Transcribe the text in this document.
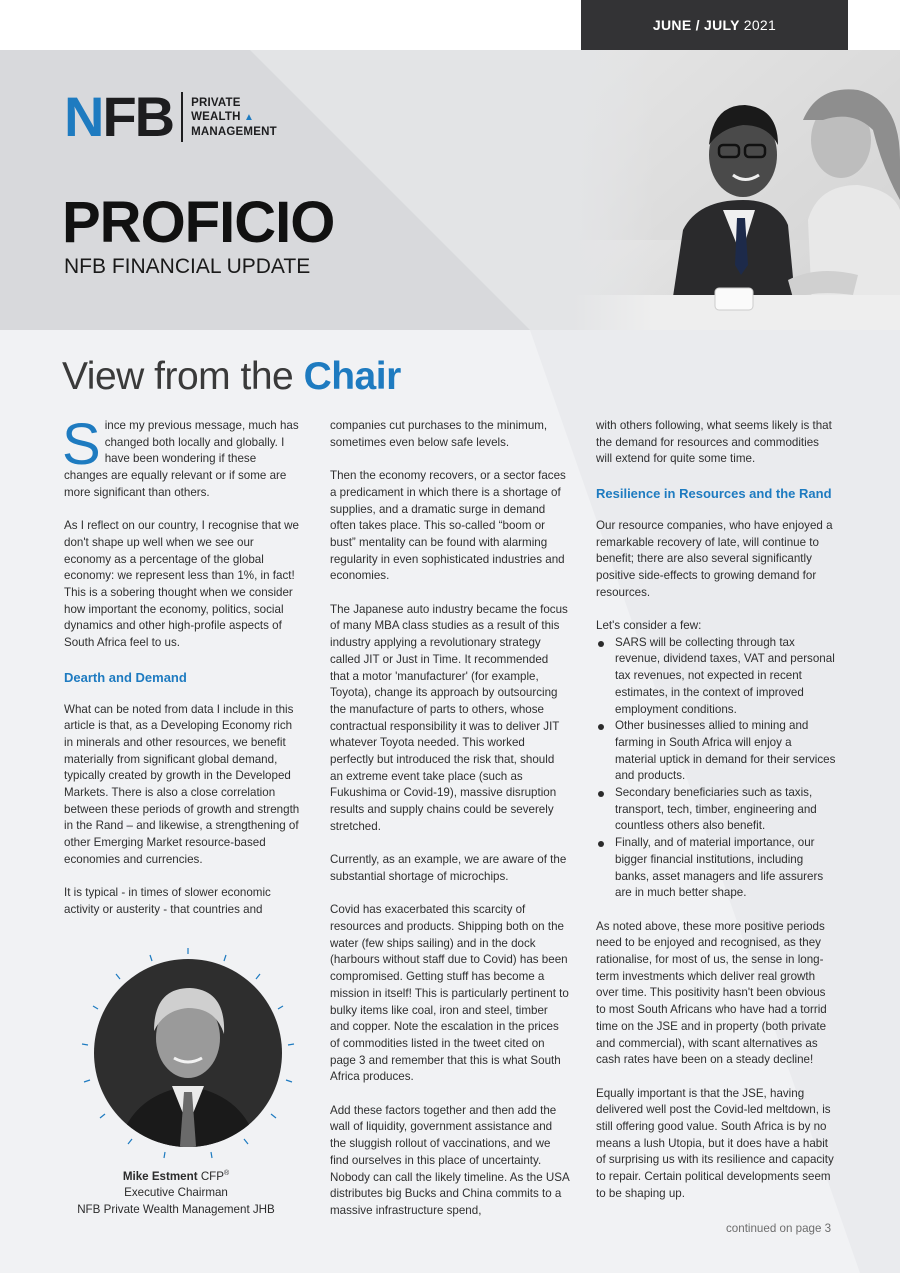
JUNE / JULY 2021
N FB PRIVATE
WEALTH ▲
MANAGEMENT
PROFICIO
NFB FINANCIAL UPDATE
View from the Chair

Since my previous message, much has changed both locally and globally. I have been wondering if these changes are equally relevant or if some are more significant than others.

As I reflect on our country, I recognise that we don't shape up well when we see our economy as a percentage of the global economy: we represent less than 1%, in fact! This is a sobering thought when we consider how important the economy, politics, social dynamics and other high-profile aspects of South Africa feel to us.

Dearth and Demand

What can be noted from data I include in this article is that, as a Developing Economy rich in minerals and other resources, we benefit materially from significant global demand, typically created by growth in the Developed Markets. There is also a close correlation between these periods of growth and strength in the Rand – and likewise, a strengthening of other Emerging Market resource-based economies and currencies.

It is typical - in times of slower economic activity or austerity - that countries and

Mike Estment CFP®
Executive Chairman
NFB Private Wealth Management JHB

companies cut purchases to the minimum, sometimes even below safe levels.

Then the economy recovers, or a sector faces a predicament in which there is a shortage of supplies, and a dramatic surge in demand often takes place. This so-called “boom or bust” mentality can be found with alarming regularity in even sophisticated industries and economies.

The Japanese auto industry became the focus of many MBA class studies as a result of this industry applying a revolutionary strategy called JIT or Just in Time. It recommended that a motor 'manufacturer' (for example, Toyota), change its approach by outsourcing the manufacture of parts to others, whose contractual responsibility it was to deliver JIT whatever Toyota needed. This worked perfectly but introduced the risk that, should an extreme event take place (such as Fukushima or Covid-19), massive disruption results and supply chains could be severely stretched.

Currently, as an example, we are aware of the substantial shortage of microchips.

Covid has exacerbated this scarcity of resources and products. Shipping both on the water (few ships sailing) and in the dock (harbours without staff due to Covid) has been compromised. Getting stuff has become a mission in itself! This is particularly pertinent to bulky items like coal, iron and steel, timber and copper. Note the escalation in the prices of commodities listed in the tweet cited on page 3 and remember that this is what South Africa produces.

Add these factors together and then add the wall of liquidity, government assistance and the sluggish rollout of vaccinations, and we find ourselves in this place of uncertainty. Nobody can call the likely timeline. As the USA distributes big Bucks and China commits to a massive infrastructure spend,

with others following, what seems likely is that the demand for resources and commodities will extend for quite some time.

Resilience in Resources and the Rand

Our resource companies, who have enjoyed a remarkable recovery of late, will continue to benefit; there are also several significantly positive side-effects to growing demand for resources.

Let's consider a few:
SARS will be collecting through tax revenue, dividend taxes, VAT and personal tax revenues, not expected in recent estimates, in the context of improved employment conditions.
Other businesses allied to mining and farming in South Africa will enjoy a material uptick in demand for their services and products.
Secondary beneficiaries such as taxis, transport, tech, timber, engineering and countless others also benefit.
Finally, and of material importance, our bigger financial institutions, including banks, asset managers and life assurers are in much better shape.

As noted above, these more positive periods need to be enjoyed and recognised, as they rationalise, for most of us, the sense in long-term investments which deliver real growth over time. This positivity hasn't been obvious to most South Africans who have had a torrid time on the JSE and in property (both private and commercial), with scant alternatives as cash rates have been on a steady decline!

Equally important is that the JSE, having delivered well post the Covid-led meltdown, is still offering good value. South Africa is by no means a lush Utopia, but it does have a habit of surprising us with its resilience and capacity to repair. Certain political developments seem to be shaping up.

continued on page 3
